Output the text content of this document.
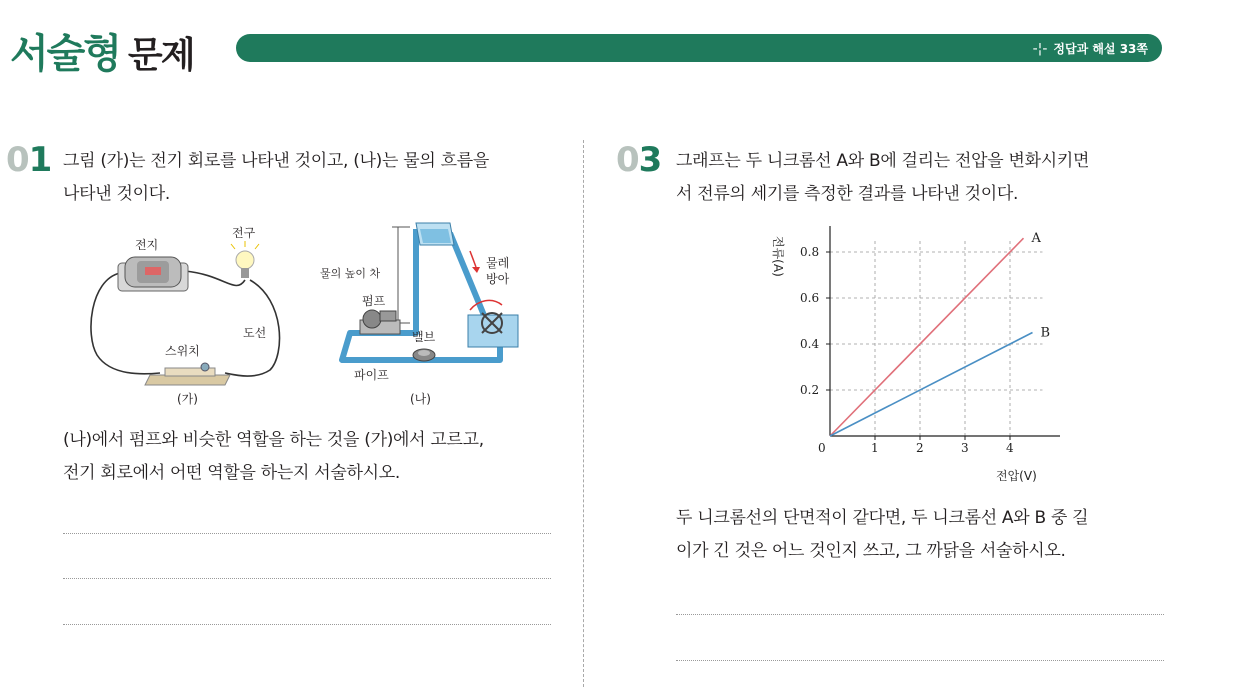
서술형 문제	-¦- 정답과 해설 33쪽
01 그림 (가)는 전기 회로를 나타낸 것이고, (나)는 물의 흐름을
나타낸 것이다.
전지
전구
도선
스위치
(가)
물의 높이 차
펌프
물레
방아
밸브
파이프
(나)
(나)에서 펌프와 비슷한 역할을 하는 것을 (가)에서 고르고,
전기 회로에서 어떤 역할을 하는지 서술하시오.
03 그래프는 두 니크롬선 A와 B에 걸리는 전압을 변화시키면
서 전류의 세기를 측정한 결과를 나타낸 것이다.
1	2	3	4
0.2
0.4
0.6
0.8
A
B
0
전압(V)
전류(A)
두 니크롬선의 단면적이 같다면, 두 니크롬선 A와 B 중 길
이가 긴 것은 어느 것인지 쓰고, 그 까닭을 서술하시오.
